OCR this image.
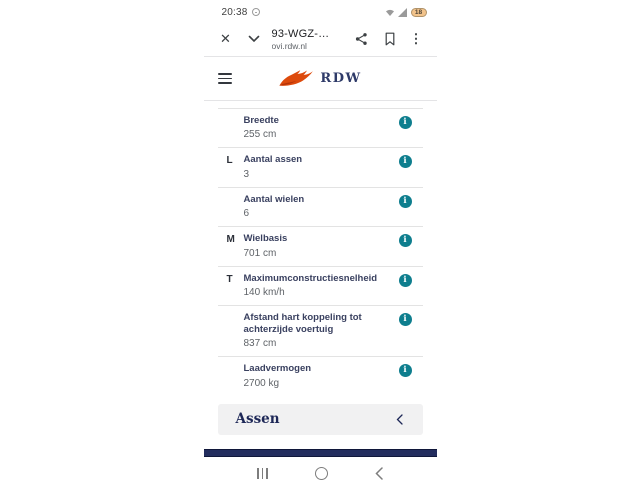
20:38	18
✕	93-WGZ-…
ovi.rdw.nl	⋮
RDW
Breedte
255 cm
i
L	Aantal assen
3
i
Aantal wielen
6
i
M Wielbasis
701 cm
i
T	Maximumconstructiesnelheid
140 km/h
i
Afstand hart koppeling tot achterzijde voertuig
837 cm
i
Laadvermogen
2700 kg
i
Assen
